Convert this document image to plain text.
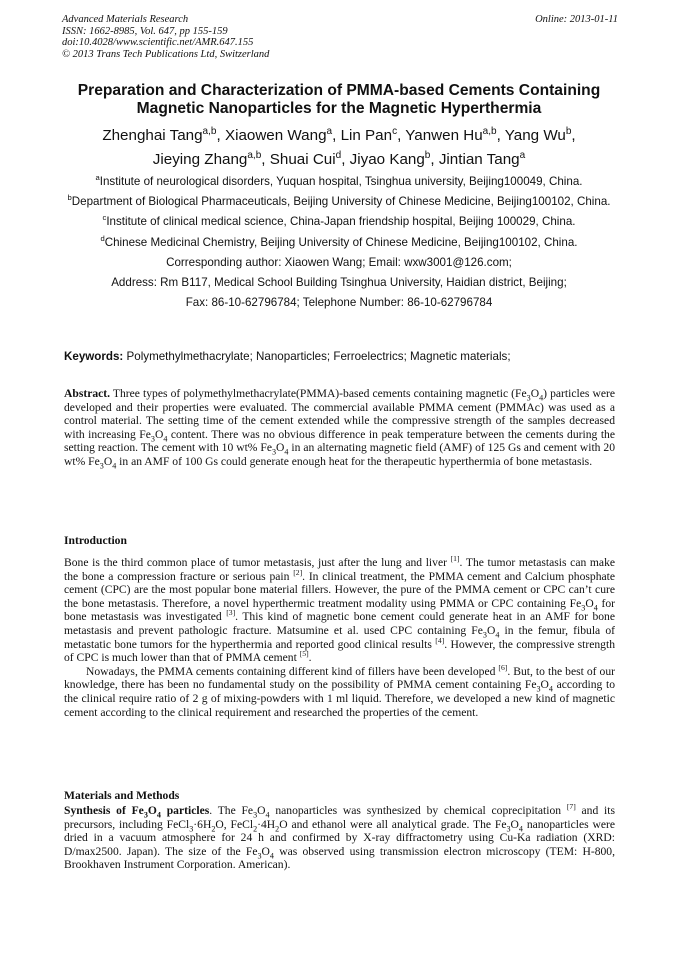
Advanced Materials Research
ISSN: 1662-8985, Vol. 647, pp 155-159
doi:10.4028/www.scientific.net/AMR.647.155
© 2013 Trans Tech Publications Ltd, Switzerland
Online: 2013-01-11
Preparation and Characterization of PMMA-based Cements Containing
Magnetic Nanoparticles for the Magnetic Hyperthermia
Zhenghai Tang$^{a,b}$, Xiaowen Wang$^a$, Lin Pan$^c$, Yanwen Hu$^{a,b}$, Yang Wu$^b$,
Jieying Zhang$^{a,b}$, Shuai Cui$^d$, Jiyao Kang$^b$, Jintian Tang$^a$

$^a$Institute of neurological disorders, Yuquan hospital, Tsinghua university, Beijing100049, China.

$^b$Department of Biological Pharmaceuticals, Beijing University of Chinese Medicine, Beijing100102, China.

$^c$Institute of clinical medical science, China-Japan friendship hospital, Beijing 100029, China.

$^d$Chinese Medicinal Chemistry, Beijing University of Chinese Medicine, Beijing100102, China.

Corresponding author: Xiaowen Wang; Email: wxw3001@126.com;

Address: Rm B117, Medical School Building Tsinghua University, Haidian district, Beijing;

Fax: 86-10-62796784; Telephone Number: 86-10-62796784

Keywords: Polymethylmethacrylate; Nanoparticles; Ferroelectrics; Magnetic materials;

Abstract. Three types of polymethylmethacrylate(PMMA)-based cements containing magnetic $(Fe_3O_4)$ particles were developed and their properties were evaluated. The commercial available PMMA cement (PMMAc) was used as a control material. The setting time of the cement extended while the compressive strength of the samples decreased with increasing $Fe_3O_4$ content. There was no obvious difference in peak temperature between the cements during the setting reaction. The cement with 10 wt% $Fe_3O_4$ in an alternating magnetic field (AMF) of 125 Gs and cement with 20 wt% $Fe_3O_4$ in an AMF of 100 Gs could generate enough heat for the therapeutic hyperthermia of bone metastasis.

Introduction

Bone is the third common place of tumor metastasis, just after the lung and liver [1]. The tumor metastasis can make the bone a compression fracture or serious pain [2]. In clinical treatment, the PMMA cement and Calcium phosphate cement (CPC) are the most popular bone material fillers. However, the pure of the PMMA cement or CPC can’t cure the bone metastasis. Therefore, a novel hyperthermic treatment modality using PMMA or CPC containing $Fe_3O_4$ for bone metastasis was investigated [3]. This kind of magnetic bone cement could generate heat in an AMF for bone metastasis and prevent pathologic fracture. Matsumine et al. used CPC containing $Fe_3O_4$ in the femur, fibula of metastatic bone tumors for the hyperthermia and reported good clinical results [4]. However, the compressive strength of CPC is much lower than that of PMMA cement [5].

Nowadays, the PMMA cements containing different kind of fillers have been developed [6]. But, to the best of our knowledge, there has been no fundamental study on the possibility of PMMA cement containing $Fe_3O_4$ according to the clinical require ratio of 2 g of mixing-powders with 1 ml liquid. Therefore, we developed a new kind of magnetic cement according to the clinical requirement and researched the properties of the cement.

Materials and Methods

Synthesis of $Fe_3O_4$ particles. The $Fe_3O_4$ nanoparticles was synthesized by chemical coprecipitation [7] and its precursors, including $FeCl_3\cdot 6H_2O$, $FeCl_2\cdot 4H_2O$ and ethanol were all analytical grade. The $Fe_3O_4$ nanoparticles were dried in a vacuum atmosphere for 24 h and confirmed by X-ray diffractometry using Cu-Ka radiation (XRD: D/max2500. Japan). The size of the $Fe_3O_4$ was observed using transmission electron microscopy (TEM: H-800, Brookhaven Instrument Corporation. American).
